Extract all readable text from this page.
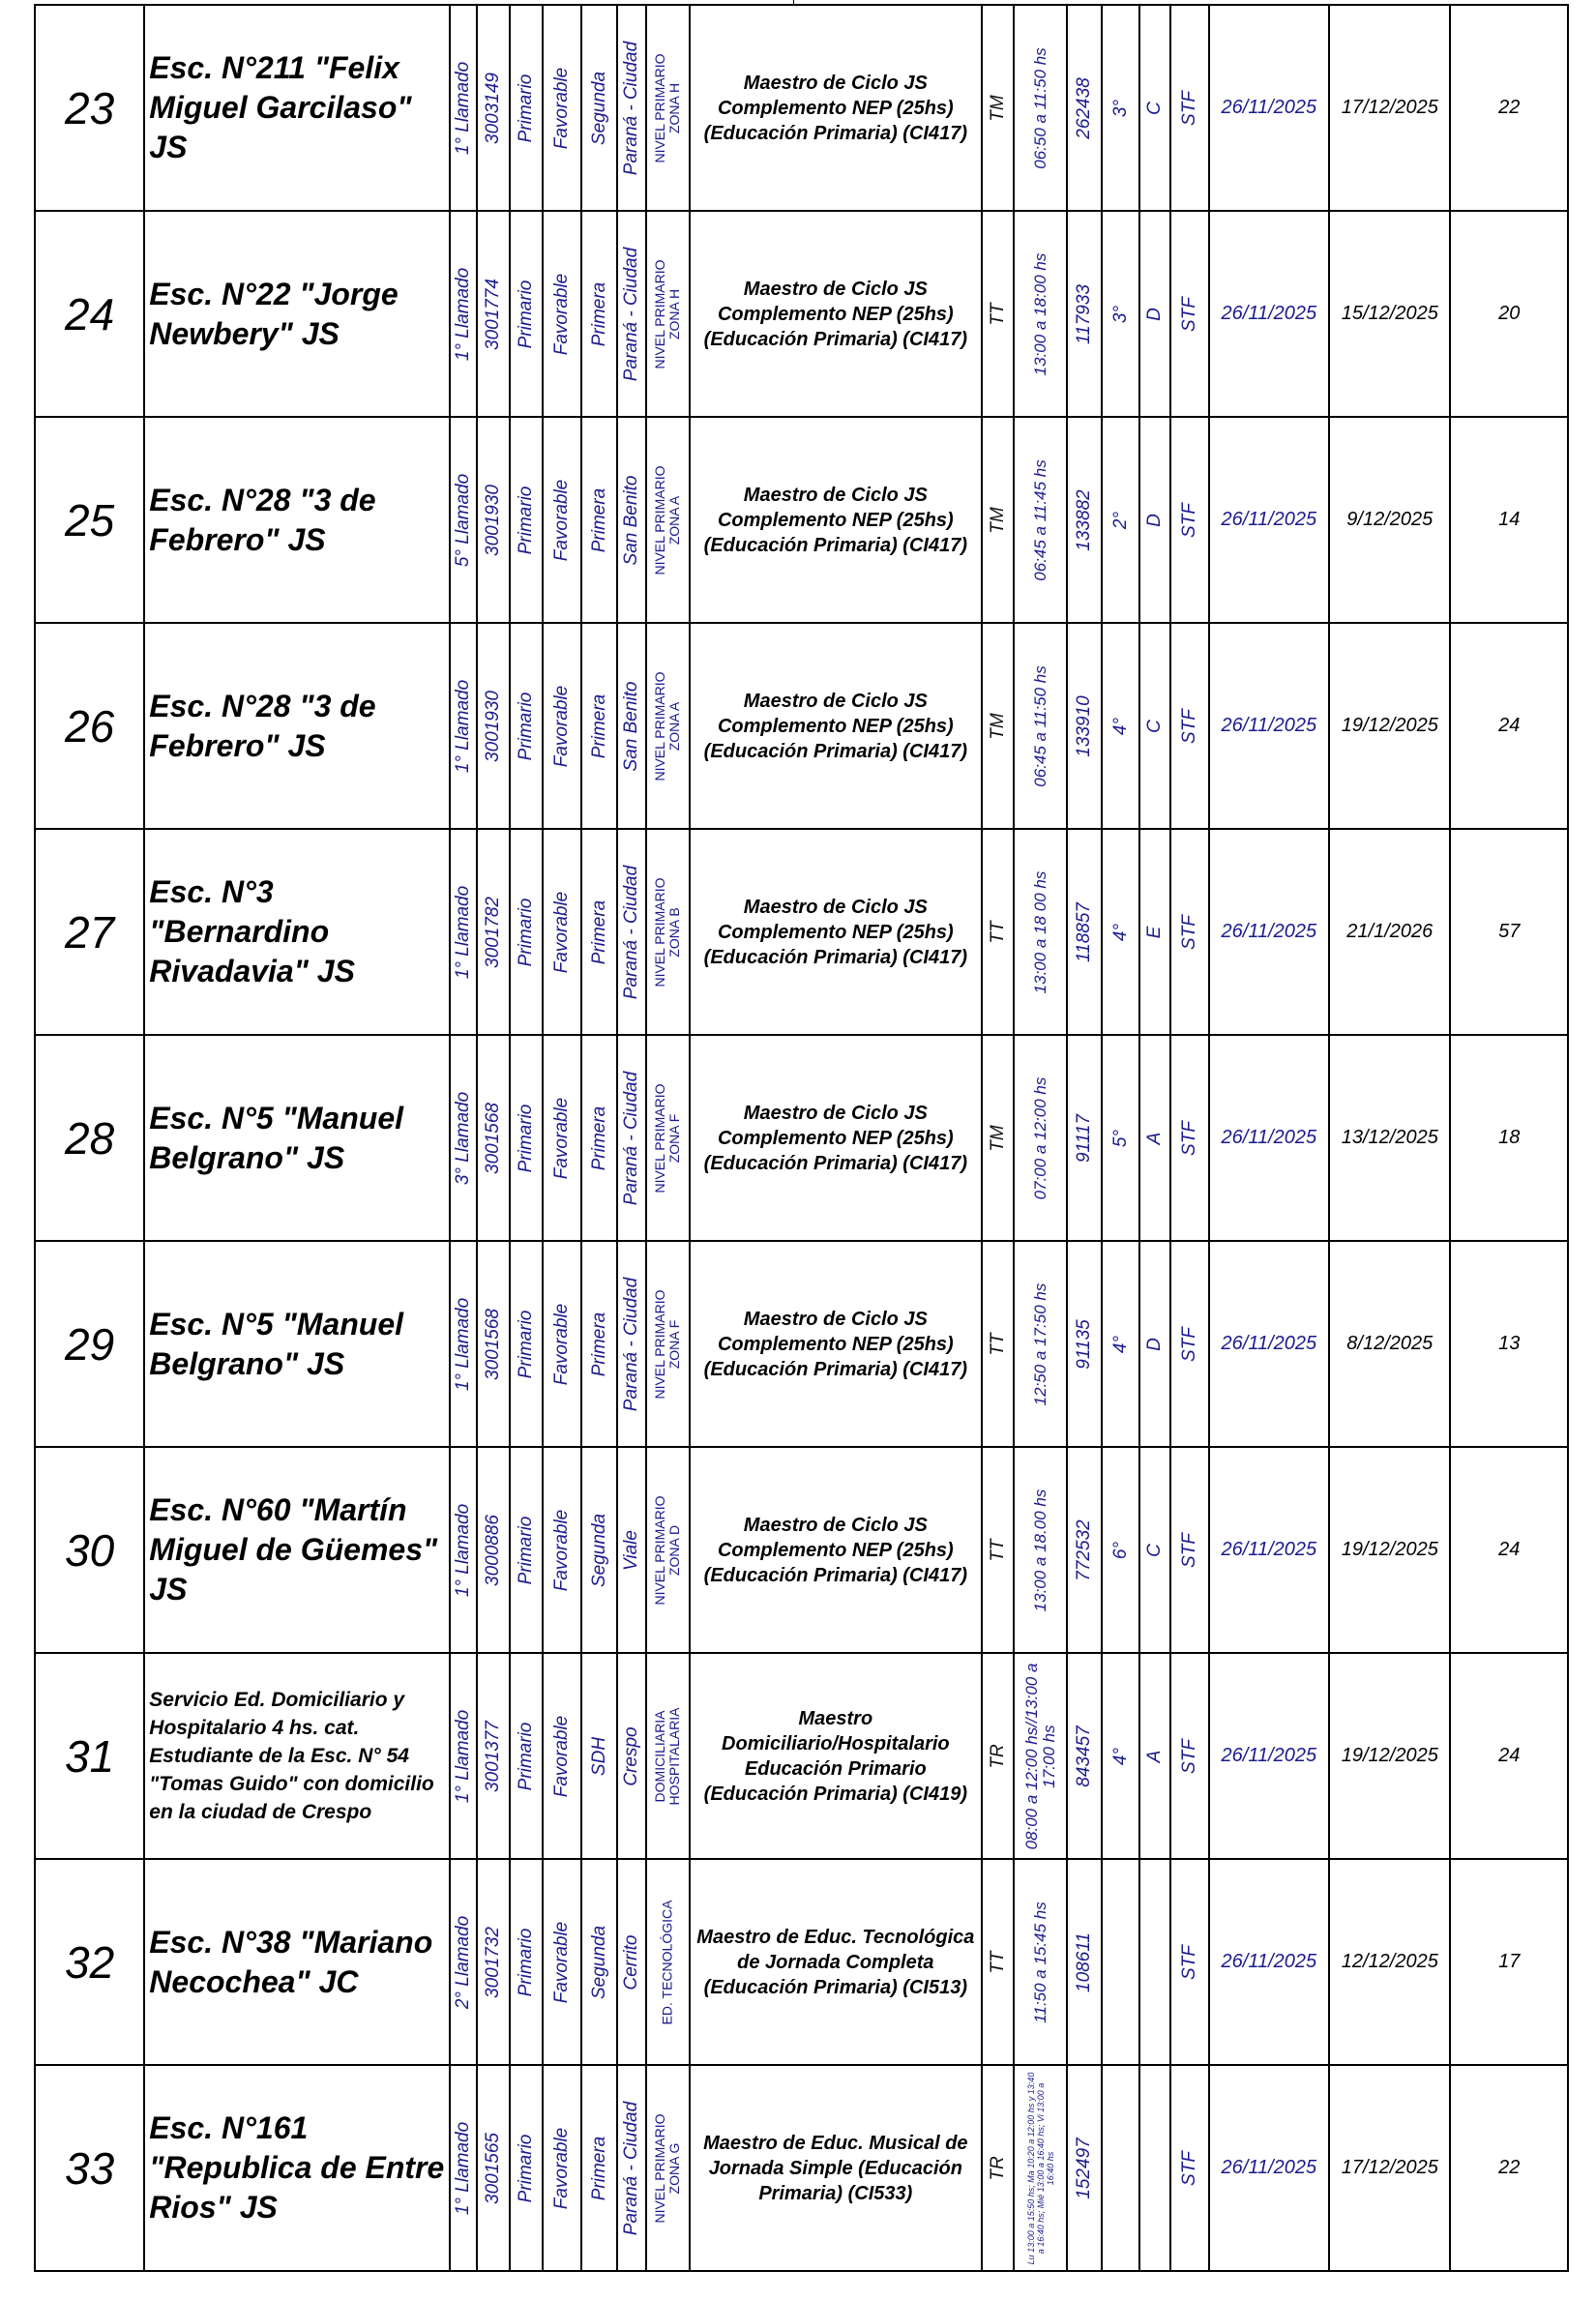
23	Esc. N°211 "Felix Miguel Garcilaso" JS	1° Llamado	3003149	Primario	Favorable	Segunda	Paraná - Ciudad	NIVEL PRIMARIO ZONA H	Maestro de Ciclo JS Complemento NEP (25hs) (Educación Primaria) (CI417)	TM	06:50 a 11:50 hs	262438	3°	C	STF	26/11/2025	17/12/2025	22
24	Esc. N°22 "Jorge Newbery" JS	1° Llamado	3001774	Primario	Favorable	Primera	Paraná - Ciudad	NIVEL PRIMARIO ZONA H	Maestro de Ciclo JS Complemento NEP (25hs) (Educación Primaria) (CI417)	TT	13:00 a 18:00 hs	117933	3°	D	STF	26/11/2025	15/12/2025	20
25	Esc. N°28 "3 de Febrero" JS	5° Llamado	3001930	Primario	Favorable	Primera	San Benito	NIVEL PRIMARIO ZONA A	Maestro de Ciclo JS Complemento NEP (25hs) (Educación Primaria) (CI417)	TM	06:45 a 11:45 hs	133882	2°	D	STF	26/11/2025	9/12/2025	14
26	Esc. N°28 "3 de Febrero" JS	1° Llamado	3001930	Primario	Favorable	Primera	San Benito	NIVEL PRIMARIO ZONA A	Maestro de Ciclo JS Complemento NEP (25hs) (Educación Primaria) (CI417)	TM	06:45 a 11:50 hs	133910	4°	C	STF	26/11/2025	19/12/2025	24
27	Esc. N°3 "Bernardino Rivadavia" JS	1° Llamado	3001782	Primario	Favorable	Primera	Paraná - Ciudad	NIVEL PRIMARIO ZONA B	Maestro de Ciclo JS Complemento NEP (25hs) (Educación Primaria) (CI417)	TT	13:00 a 18 00 hs	118857	4°	E	STF	26/11/2025	21/1/2026	57
28	Esc. N°5 "Manuel Belgrano" JS	3° Llamado	3001568	Primario	Favorable	Primera	Paraná - Ciudad	NIVEL PRIMARIO ZONA F	Maestro de Ciclo JS Complemento NEP (25hs) (Educación Primaria) (CI417)	TM	07:00 a 12:00 hs	91117	5°	A	STF	26/11/2025	13/12/2025	18
29	Esc. N°5 "Manuel Belgrano" JS	1° Llamado	3001568	Primario	Favorable	Primera	Paraná - Ciudad	NIVEL PRIMARIO ZONA F	Maestro de Ciclo JS Complemento NEP (25hs) (Educación Primaria) (CI417)	TT	12:50 a 17:50 hs	91135	4°	D	STF	26/11/2025	8/12/2025	13
30	Esc. N°60 "Martín Miguel de Güemes" JS	1° Llamado	3000886	Primario	Favorable	Segunda	Viale	NIVEL PRIMARIO ZONA D	Maestro de Ciclo JS Complemento NEP (25hs) (Educación Primaria) (CI417)	TT	13:00 a 18.00 hs	772532	6°	C	STF	26/11/2025	19/12/2025	24
31	Servicio Ed. Domiciliario y Hospitalario 4 hs. cat. Estudiante de la Esc. N° 54 "Tomas Guido" con domicilio en la ciudad de Crespo	1° Llamado	3001377	Primario	Favorable	SDH	Crespo	DOMICILIARIA HOSPITALARIA	Maestro Domiciliario/Hospitalario Educación Primario (Educación Primaria) (CI419)	TR	08:00 a 12:00 hs//13:00 a 17:00 hs	843457	4°	A	STF	26/11/2025	19/12/2025	24
32	Esc. N°38 "Mariano Necochea" JC	2° Llamado	3001732	Primario	Favorable	Segunda	Cerrito	ED. TECNOLÓGICA	Maestro de Educ. Tecnológica de Jornada Completa (Educación Primaria) (CI513)	TT	11:50 a 15:45 hs	108611			STF	26/11/2025	12/12/2025	17
33	Esc. N°161 "Republica de Entre Rios" JS	1° Llamado	3001565	Primario	Favorable	Primera	Paraná - Ciudad	NIVEL PRIMARIO ZONA G	Maestro de Educ. Musical de Jornada Simple (Educación Primaria) (CI533)	TR	Lu 13:00 a 15:50 hs; Ma 10:20 a 12:00 hs y 13:40 a 16:40 hs; Mié 13:00 a 16:40 hs; Vi 13:00 a 16:40 hs	152497			STF	26/11/2025	17/12/2025	22
